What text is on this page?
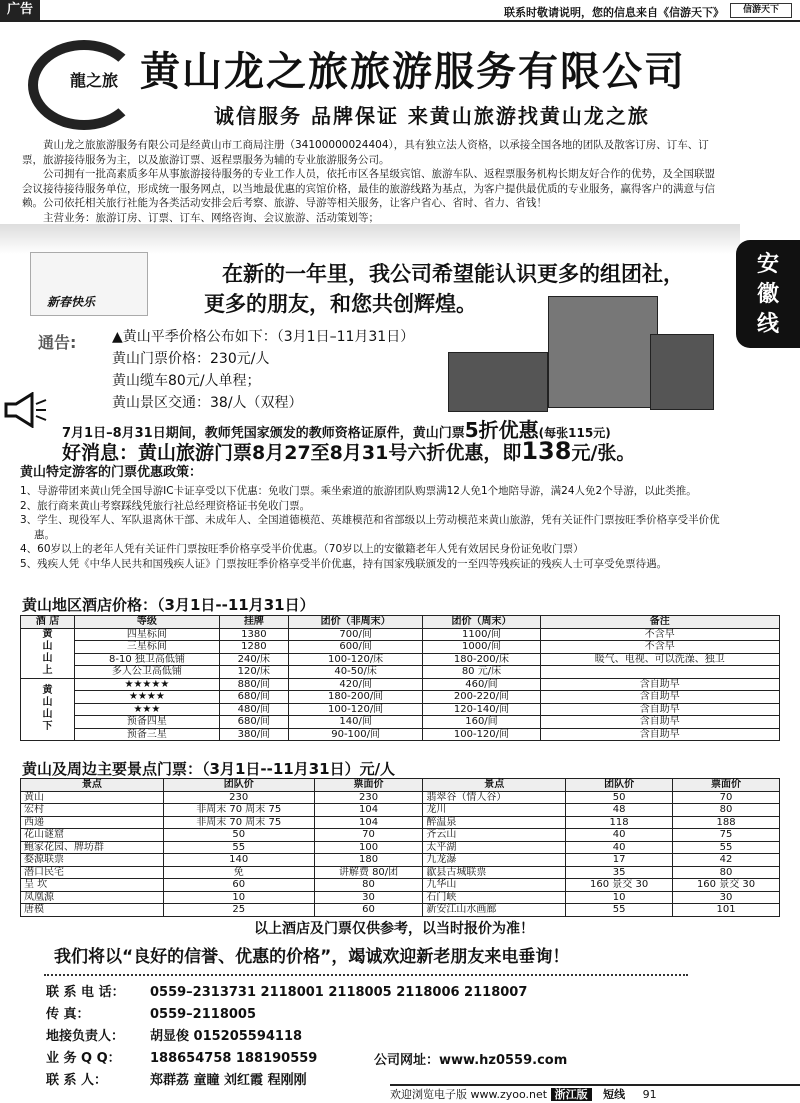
广告	联系时敬请说明，您的信息来自《信游天下》	信游天下
龍之旅 黄山龙之旅旅游服务有限公司
诚信服务 品牌保证 来黄山旅游找黄山龙之旅

黄山龙之旅旅游服务有限公司是经黄山市工商局注册（34100000024404），具有独立法人资格，以承接全国各地的团队及散客订房、订车、订票，旅游接待服务为主，以及旅游订票、返程票服务为辅的专业旅游服务公司。

公司拥有一批高素质多年从事旅游接待服务的专业工作人员，依托市区各星级宾馆、旅游车队、返程票服务机构长期友好合作的优势，及全国联盟会议接待接待服务单位，形成统一服务网点，以当地最优惠的宾馆价格，最佳的旅游线路为基点，为客户提供最优质的专业服务，赢得客户的满意与信赖。公司依托相关旅行社能为各类活动安排会后考察、旅游、导游等相关服务，让客户省心、省时、省力、省钱！

主营业务：旅游订房、订票、订车、网络咨询、会议旅游、活动策划等；

安
徽
线
新春快乐
在新的一年里，我公司希望能认识更多的组团社，
更多的朋友，和您共创辉煌。
通告:	▲黄山平季价格公布如下：（3月1日–11月31日）
黄山门票价格：230元/人
黄山缆车80元/人单程；
黄山景区交通：38/人（双程）
7月1日–8月31日期间，教师凭国家颁发的教师资格证原件，黄山门票5折优惠(每张115元)
好消息：黄山旅游门票8月27至8月31号六折优惠，即138元/张。
黄山特定游客的门票优惠政策：
1、导游带团来黄山凭全国导游IC卡证享受以下优惠：免收门票。乘坐索道的旅游团队购票满12人免1个地陪导游，满24人免2个导游，以此类推。
2、旅行商来黄山考察踩线凭旅行社总经理资格证书免收门票。
3、学生、现役军人、军队退离休干部、未成年人、全国道德模范、英雄模范和省部级以上劳动模范来黄山旅游，凭有关证件门票按旺季价格享受半价优惠。
4、60岁以上的老年人凭有关证件门票按旺季价格享受半价优惠。（70岁以上的安徽籍老年人凭有效居民身份证免收门票）
5、残疾人凭《中华人民共和国残疾人证》门票按旺季价格享受半价优惠，持有国家残联颁发的一至四等残疾证的残疾人士可享受免票待遇。
黄山地区酒店价格：（3月1日--11月31日）
酒 店	等级	挂牌	团价（非周末）	团价（周末）	备注

黄
山
山
上	四星标间	1380	700/间	1100/间	不含早
	三星标间	1280	600/间	1000/间	不含早
	8-10 独卫高低铺	240/床	100-120/床	180-200/床	暖气、电视、可以洗澡、独卫
	多人公卫高低铺	120/床	40-50/床	80 元/床	

黄
山
山
下	★★★★★	880/间	420/间	460/间	含自助早
	★★★★	680/间	180-200/间	200-220/间	含自助早
	★★★	480/间	100-120/间	120-140/间	含自助早
	预备四星	680/间	140/间	160/间	含自助早
	预备三星	380/间	90-100/间	100-120/间	含自助早
黄山及周边主要景点门票：（3月1日--11月31日）元/人
景点	团队价	票面价	景点	团队价	票面价
黄山	230	230	翡翠谷（情人谷）	50	70
宏村	非周末 70 周末 75	104	龙川	48	80
西递	非周末 70 周末 75	104	醉温泉	118	188
花山谜窟	50	70	齐云山	40	75
鲍家花园、牌坊群	55	100	太平湖	40	55
婺源联票	140	180	九龙瀑	17	42
潜口民宅	免	讲解费 80/团	歙县古城联票	35	80
呈 坎	60	80	九华山	160 景交 30	160 景交 30
凤凰源	10	30	石门峡	10	30
唐模	25	60	新安江山水画廊	55	101
以上酒店及门票仅供参考，以当时报价为准！
我们将以“良好的信誉、优惠的价格”，竭诚欢迎新老朋友来电垂询！
联 系 电 话： 0559–2313731 2118001 2118005 2118006 2118007
传 真：	0559–2118005
地接负责人： 胡显俊 015205594118
业 务 Q Q： 188654758 188190559
联 系 人：	郑群荔 童瞳 刘红霞 程刚刚
公司网址：www.hz0559.com
欢迎浏览电子版 www.zyoo.net 浙江版 短线 91
